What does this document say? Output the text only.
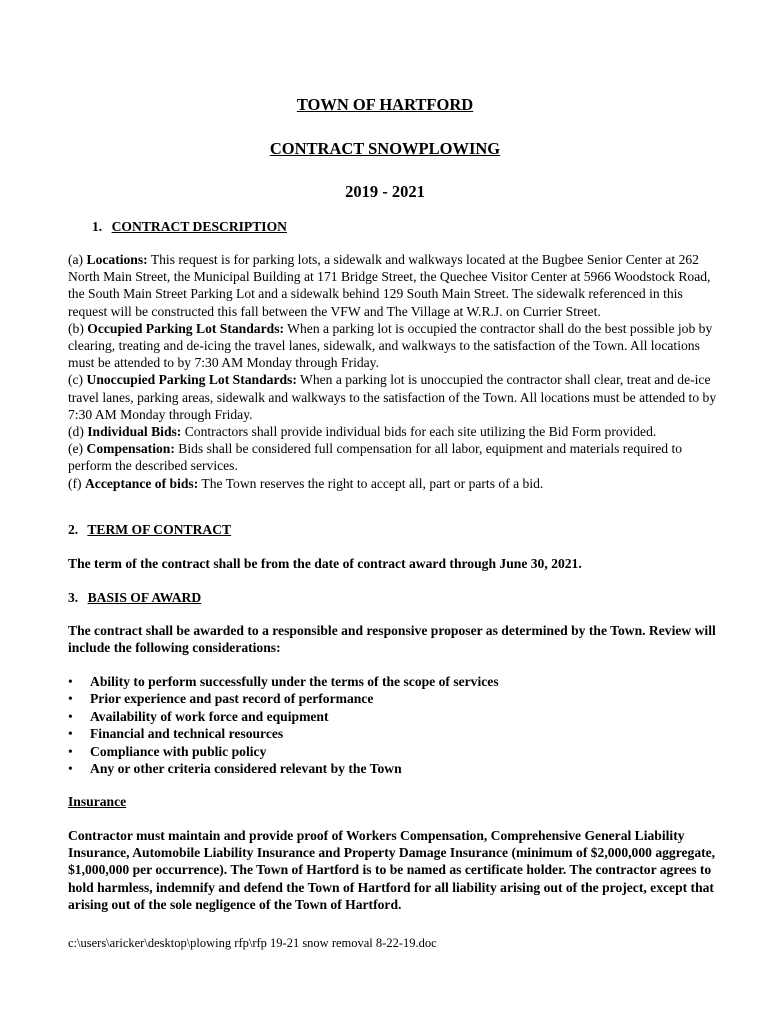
TOWN OF HARTFORD
CONTRACT SNOWPLOWING
2019 - 2021
1. CONTRACT DESCRIPTION
(a) Locations: This request is for parking lots, a sidewalk and walkways located at the Bugbee Senior Center at 262 North Main Street, the Municipal Building at 171 Bridge Street, the Quechee Visitor Center at 5966 Woodstock Road, the South Main Street Parking Lot and a sidewalk behind 129 South Main Street. The sidewalk referenced in this request will be constructed this fall between the VFW and The Village at W.R.J. on Currier Street.
(b) Occupied Parking Lot Standards: When a parking lot is occupied the contractor shall do the best possible job by clearing, treating and de-icing the travel lanes, sidewalk, and walkways to the satisfaction of the Town. All locations must be attended to by 7:30 AM Monday through Friday.
(c) Unoccupied Parking Lot Standards: When a parking lot is unoccupied the contractor shall clear, treat and de-ice travel lanes, parking areas, sidewalk and walkways to the satisfaction of the Town. All locations must be attended to by 7:30 AM Monday through Friday.
(d) Individual Bids: Contractors shall provide individual bids for each site utilizing the Bid Form provided.
(e) Compensation: Bids shall be considered full compensation for all labor, equipment and materials required to perform the described services.
(f) Acceptance of bids: The Town reserves the right to accept all, part or parts of a bid.
2. TERM OF CONTRACT
The term of the contract shall be from the date of contract award through June 30, 2021.
3. BASIS OF AWARD
The contract shall be awarded to a responsible and responsive proposer as determined by the Town. Review will include the following considerations:
• Ability to perform successfully under the terms of the scope of services
• Prior experience and past record of performance
• Availability of work force and equipment
• Financial and technical resources
• Compliance with public policy
• Any or other criteria considered relevant by the Town
Insurance
Contractor must maintain and provide proof of Workers Compensation, Comprehensive General Liability Insurance, Automobile Liability Insurance and Property Damage Insurance (minimum of $2,000,000 aggregate, $1,000,000 per occurrence). The Town of Hartford is to be named as certificate holder. The contractor agrees to hold harmless, indemnify and defend the Town of Hartford for all liability arising out of the project, except that arising out of the sole negligence of the Town of Hartford.
c:\users\aricker\desktop\plowing rfp\rfp 19-21 snow removal 8-22-19.doc
